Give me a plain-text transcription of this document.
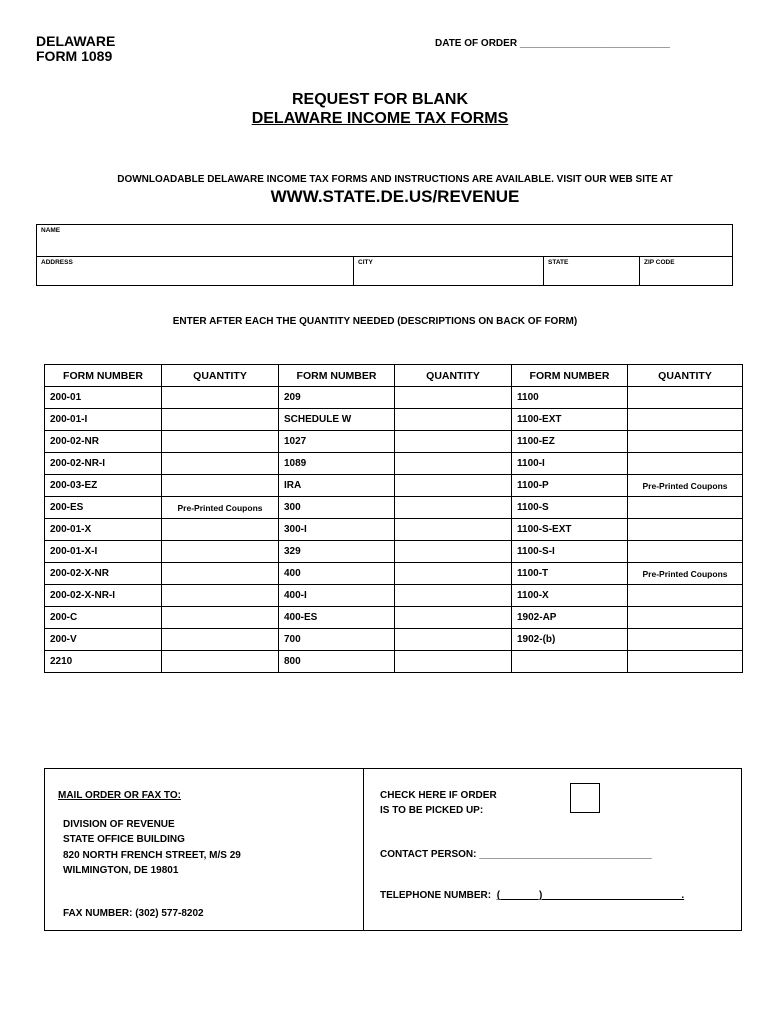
DELAWARE
FORM 1089
DATE OF ORDER ___________________________
REQUEST FOR BLANK
DELAWARE INCOME TAX FORMS
DOWNLOADABLE DELAWARE INCOME TAX FORMS AND INSTRUCTIONS ARE AVAILABLE. VISIT OUR WEB SITE AT
WWW.STATE.DE.US/REVENUE
NAME
ADDRESS	CITY	STATE	ZIP CODE
ENTER AFTER EACH THE QUANTITY NEEDED (DESCRIPTIONS ON BACK OF FORM)
FORM NUMBER	QUANTITY	FORM NUMBER	QUANTITY	FORM NUMBER	QUANTITY
200-01		209		1100	
200-01-I		SCHEDULE W		1100-EXT	
200-02-NR		1027		1100-EZ	
200-02-NR-I		1089		1100-I	
200-03-EZ		IRA		1100-P	Pre-Printed Coupons
200-ES	Pre-Printed Coupons	300		1100-S	
200-01-X		300-I		1100-S-EXT	
200-01-X-I		329		1100-S-I	
200-02-X-NR		400		1100-T	Pre-Printed Coupons
200-02-X-NR-I		400-I		1100-X	
200-C		400-ES		1902-AP	
200-V		700		1902-(b)	
2210		800			
MAIL ORDER OR FAX TO:
DIVISION OF REVENUE
STATE OFFICE BUILDING
820 NORTH FRENCH STREET, M/S 29
WILMINGTON, DE 19801
FAX NUMBER: (302) 577-8202
CHECK HERE IF ORDER
IS TO BE PICKED UP:
CONTACT PERSON: _______________________________
TELEPHONE NUMBER: (_______)_________________________.
